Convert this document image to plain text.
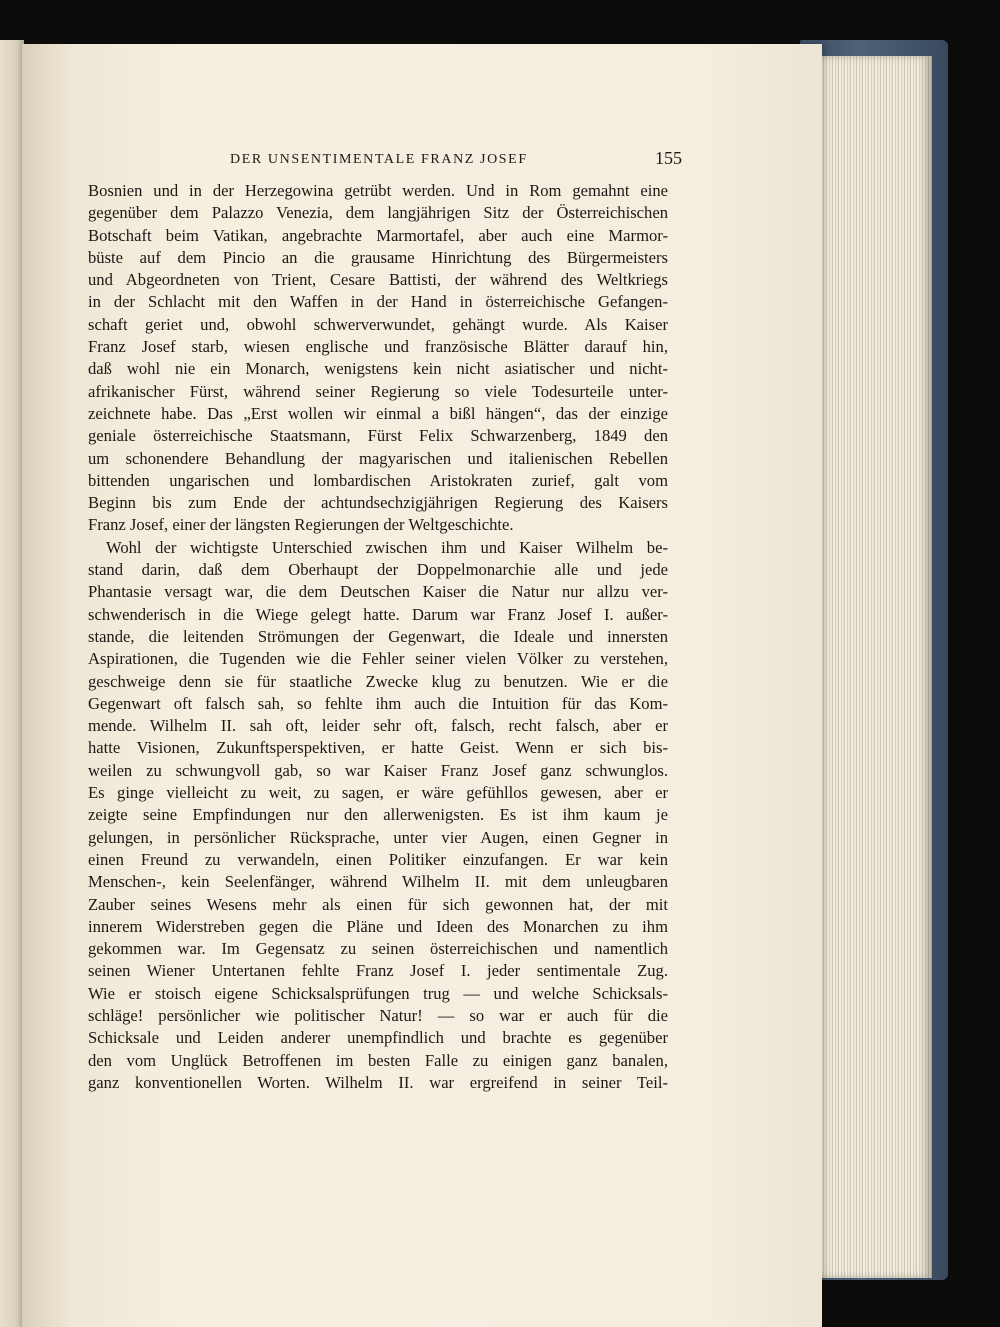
DER UNSENTIMENTALE FRANZ JOSEF	155
Bosnien und in der Herzegowina getrübt werden. Und in Rom gemahnt eine
gegenüber dem Palazzo Venezia, dem langjährigen Sitz der Österreichischen
Botschaft beim Vatikan, angebrachte Marmortafel, aber auch eine Marmor-
büste auf dem Pincio an die grausame Hinrichtung des Bürgermeisters
und Abgeordneten von Trient, Cesare Battisti, der während des Weltkriegs
in der Schlacht mit den Waffen in der Hand in österreichische Gefangen-
schaft geriet und, obwohl schwerverwundet, gehängt wurde. Als Kaiser
Franz Josef starb, wiesen englische und französische Blätter darauf hin,
daß wohl nie ein Monarch, wenigstens kein nicht asiatischer und nicht-
afrikanischer Fürst, während seiner Regierung so viele Todesurteile unter-
zeichnete habe. Das „Erst wollen wir einmal a bißl hängen“, das der einzige
geniale österreichische Staatsmann, Fürst Felix Schwarzenberg, 1849 den
um schonendere Behandlung der magyarischen und italienischen Rebellen
bittenden ungarischen und lombardischen Aristokraten zurief, galt vom
Beginn bis zum Ende der achtundsechzigjährigen Regierung des Kaisers
Franz Josef, einer der längsten Regierungen der Weltgeschichte.
Wohl der wichtigste Unterschied zwischen ihm und Kaiser Wilhelm be-
stand darin, daß dem Oberhaupt der Doppelmonarchie alle und jede
Phantasie versagt war, die dem Deutschen Kaiser die Natur nur allzu ver-
schwenderisch in die Wiege gelegt hatte. Darum war Franz Josef I. außer-
stande, die leitenden Strömungen der Gegenwart, die Ideale und innersten
Aspirationen, die Tugenden wie die Fehler seiner vielen Völker zu verstehen,
geschweige denn sie für staatliche Zwecke klug zu benutzen. Wie er die
Gegenwart oft falsch sah, so fehlte ihm auch die Intuition für das Kom-
mende. Wilhelm II. sah oft, leider sehr oft, falsch, recht falsch, aber er
hatte Visionen, Zukunftsperspektiven, er hatte Geist. Wenn er sich bis-
weilen zu schwungvoll gab, so war Kaiser Franz Josef ganz schwunglos.
Es ginge vielleicht zu weit, zu sagen, er wäre gefühllos gewesen, aber er
zeigte seine Empfindungen nur den allerwenigsten. Es ist ihm kaum je
gelungen, in persönlicher Rücksprache, unter vier Augen, einen Gegner in
einen Freund zu verwandeln, einen Politiker einzufangen. Er war kein
Menschen-, kein Seelenfänger, während Wilhelm II. mit dem unleugbaren
Zauber seines Wesens mehr als einen für sich gewonnen hat, der mit
innerem Widerstreben gegen die Pläne und Ideen des Monarchen zu ihm
gekommen war. Im Gegensatz zu seinen österreichischen und namentlich
seinen Wiener Untertanen fehlte Franz Josef I. jeder sentimentale Zug.
Wie er stoisch eigene Schicksalsprüfungen trug — und welche Schicksals-
schläge! persönlicher wie politischer Natur! — so war er auch für die
Schicksale und Leiden anderer unempfindlich und brachte es gegenüber
den vom Unglück Betroffenen im besten Falle zu einigen ganz banalen,
ganz konventionellen Worten. Wilhelm II. war ergreifend in seiner Teil-
